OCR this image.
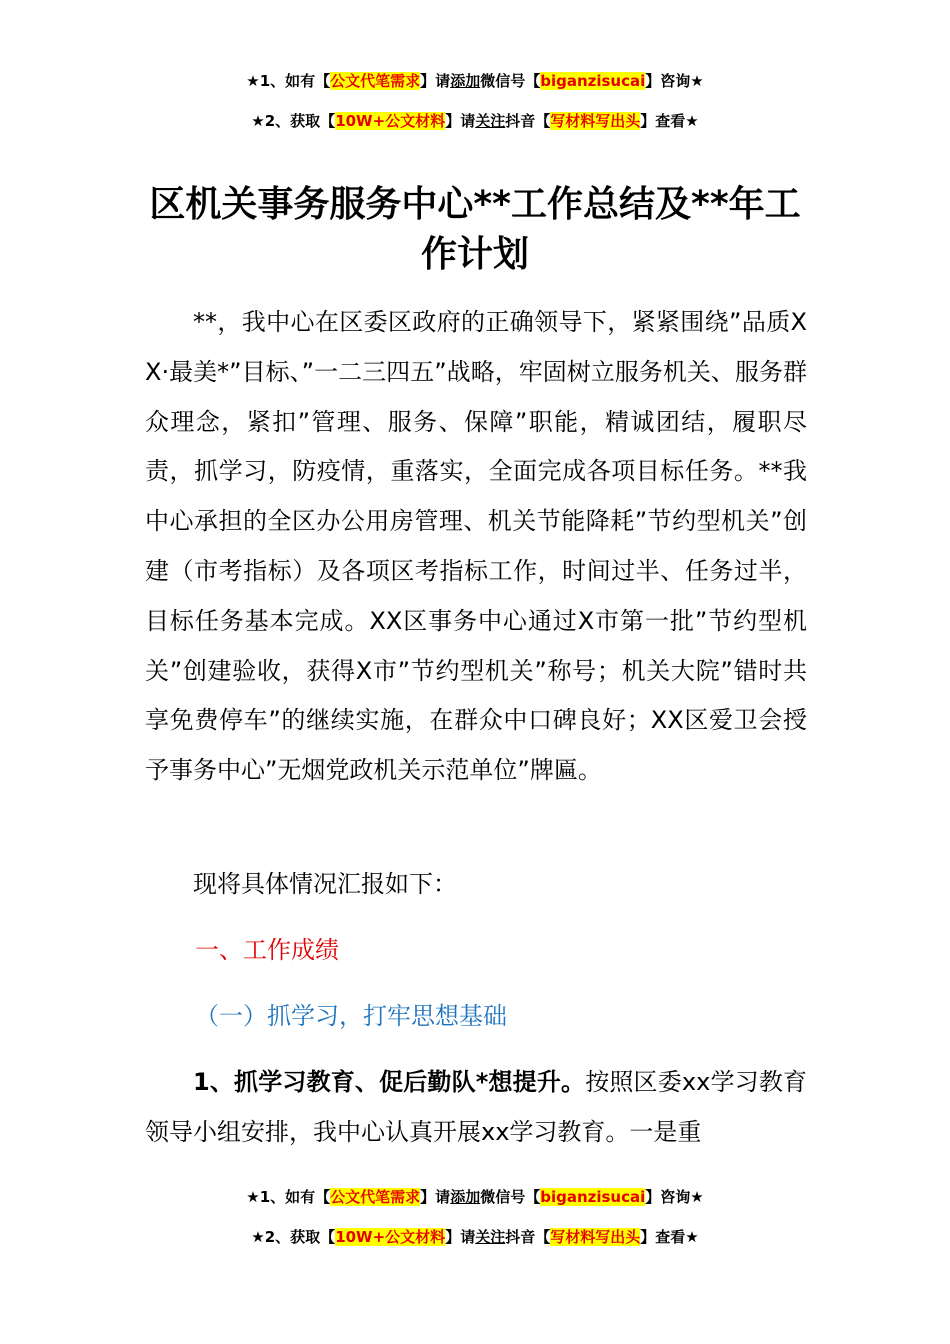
★1、如有【公文代笔需求】请添加微信号【biganzisucai】咨询★
★2、获取【10W+公文材料】请关注抖音【写材料写出头】查看★
区机关事务服务中心**工作总结及**年工作计划

**，我中心在区委区政府的正确领导下，紧紧围绕”品质XX·最美*”目标、”一二三四五”战略，牢固树立服务机关、服务群众理念，紧扣”管理、服务、保障”职能，精诚团结，履职尽责，抓学习，防疫情，重落实，全面完成各项目标任务。**我中心承担的全区办公用房管理、机关节能降耗”节约型机关”创建（市考指标）及各项区考指标工作，时间过半、任务过半，目标任务基本完成。XX区事务中心通过X市第一批”节约型机关”创建验收，获得X市”节约型机关”称号；机关大院”错时共享免费停车”的继续实施，在群众中口碑良好；XX区爱卫会授予事务中心”无烟党政机关示范单位”牌匾。

现将具体情况汇报如下：

一、工作成绩

（一）抓学习，打牢思想基础

1、抓学习教育、促后勤队*想提升。按照区委xx学习教育领导小组安排，我中心认真开展xx学习教育。一是重

★1、如有【公文代笔需求】请添加微信号【biganzisucai】咨询★
★2、获取【10W+公文材料】请关注抖音【写材料写出头】查看★
